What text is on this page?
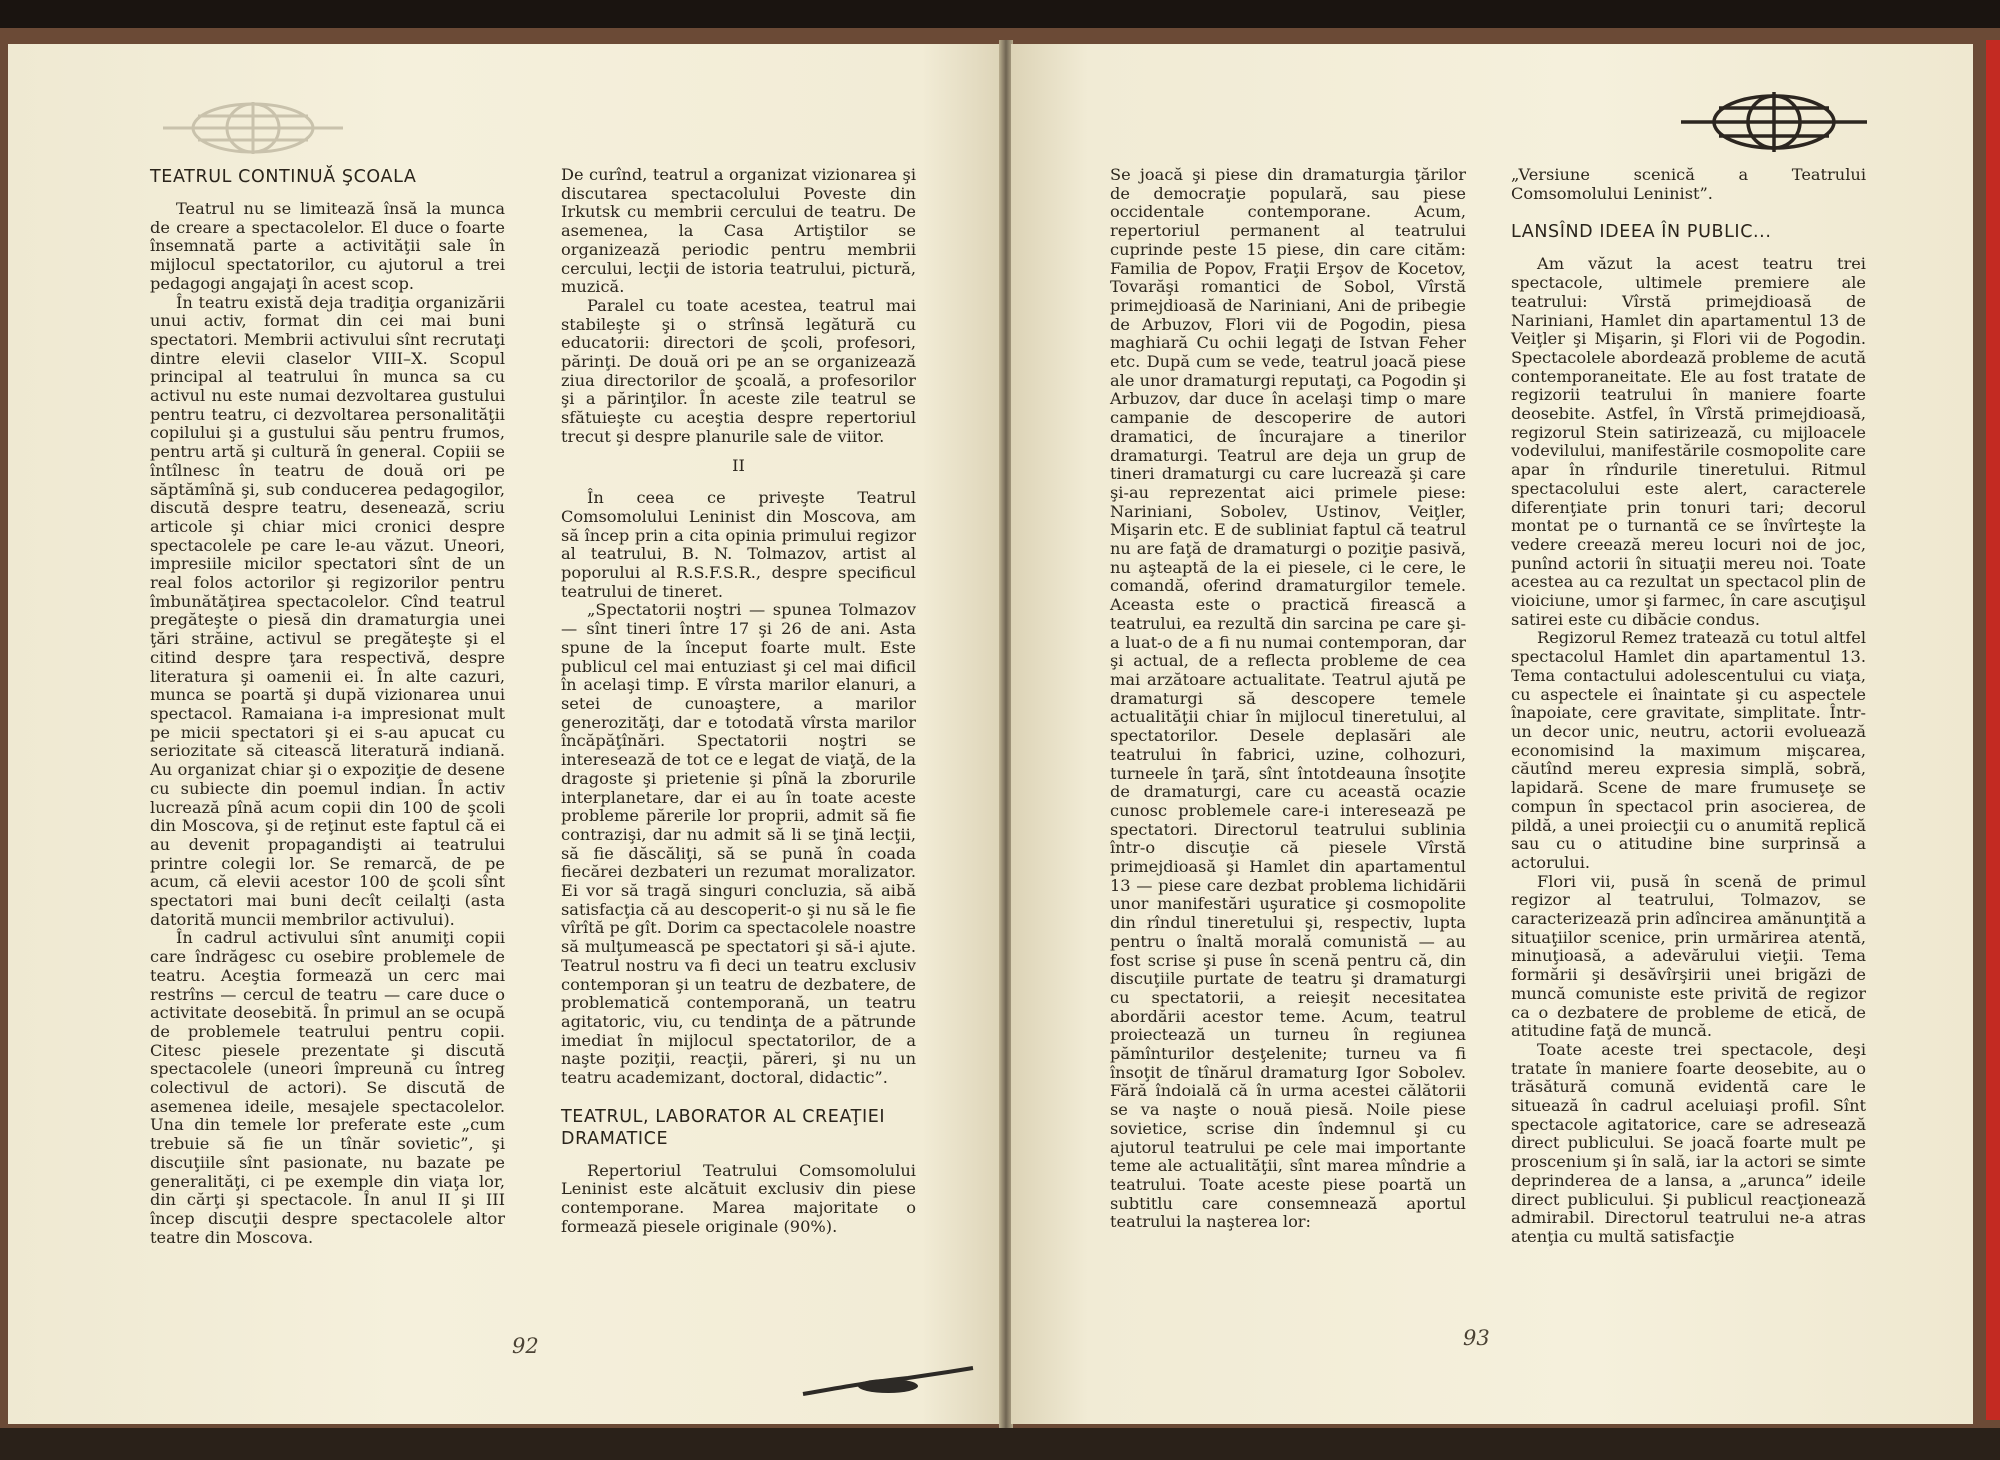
TEATRUL CONTINUĂ ŞCOALA

Teatrul nu se limitează însă la munca de creare a spectacolelor. El duce o foarte însemnată parte a activităţii sale în mijlocul spectatorilor, cu ajutorul a trei pedagogi angajaţi în acest scop.

În teatru există deja tradiţia organizării unui activ, format din cei mai buni spectatori. Membrii activului sînt recrutaţi dintre elevii claselor VIII–X. Scopul principal al teatrului în munca sa cu activul nu este numai dezvoltarea gustului pentru teatru, ci dezvoltarea personalităţii copilului şi a gustului său pentru frumos, pentru artă şi cultură în general. Copiii se întîlnesc în teatru de două ori pe săptămînă şi, sub conducerea pedagogilor, discută despre teatru, desenează, scriu articole şi chiar mici cronici despre spectacolele pe care le-au văzut. Uneori, impresiile micilor spectatori sînt de un real folos actorilor şi regizorilor pentru îmbunătăţirea spectacolelor. Cînd teatrul pregăteşte o piesă din dramaturgia unei ţări străine, activul se pregăteşte şi el citind despre ţara respectivă, despre literatura şi oamenii ei. În alte cazuri, munca se poartă şi după vizionarea unui spectacol. Ramaiana i-a impresionat mult pe micii spectatori şi ei s-au apucat cu seriozitate să citească literatură indiană. Au organizat chiar şi o expoziţie de desene cu subiecte din poemul indian. În activ lucrează pînă acum copii din 100 de şcoli din Moscova, şi de reţinut este faptul că ei au devenit propagandişti ai teatrului printre colegii lor. Se remarcă, de pe acum, că elevii acestor 100 de şcoli sînt spectatori mai buni decît ceilalţi (asta datorită muncii membrilor activului).

În cadrul activului sînt anumiţi copii care îndrăgesc cu osebire problemele de teatru. Aceştia formează un cerc mai restrîns — cercul de teatru — care duce o activitate deosebită. În primul an se ocupă de problemele teatrului pentru copii. Citesc piesele prezentate şi discută spectacolele (uneori împreună cu întreg colectivul de actori). Se discută de asemenea ideile, mesajele spectacolelor. Una din temele lor preferate este „cum trebuie să fie un tînăr sovietic”, şi discuţiile sînt pasionate, nu bazate pe generalităţi, ci pe exemple din viaţa lor, din cărţi şi spectacole. În anul II şi III încep discuţii despre spectacolele altor teatre din Moscova.

De curînd, teatrul a organizat vizionarea şi discutarea spectacolului Poveste din Irkutsk cu membrii cercului de teatru. De asemenea, la Casa Artiştilor se organizează periodic pentru membrii cercului, lecţii de istoria teatrului, pictură, muzică.

Paralel cu toate acestea, teatrul mai stabileşte şi o strînsă legătură cu educatorii: directori de şcoli, profesori, părinţi. De două ori pe an se organizează ziua directorilor de şcoală, a profesorilor şi a părinţilor. În aceste zile teatrul se sfătuieşte cu aceştia despre repertoriul trecut şi despre planurile sale de viitor.

II

În ceea ce priveşte Teatrul Comsomolului Leninist din Moscova, am să încep prin a cita opinia primului regizor al teatrului, B. N. Tolmazov, artist al poporului al R.S.F.S.R., despre specificul teatrului de tineret.

„Spectatorii noştri — spunea Tolmazov — sînt tineri între 17 şi 26 de ani. Asta spune de la început foarte mult. Este publicul cel mai entuziast şi cel mai dificil în acelaşi timp. E vîrsta marilor elanuri, a setei de cunoaştere, a marilor generozităţi, dar e totodată vîrsta marilor încăpăţînări. Spectatorii noştri se interesează de tot ce e legat de viaţă, de la dragoste şi prietenie şi pînă la zborurile interplanetare, dar ei au în toate aceste probleme părerile lor proprii, admit să fie contrazişi, dar nu admit să li se ţină lecţii, să fie dăscăliţi, să se pună în coada fiecărei dezbateri un rezumat moralizator. Ei vor să tragă singuri concluzia, să aibă satisfacţia că au descoperit-o şi nu să le fie vîrîtă pe gît. Dorim ca spectacolele noastre să mulţumească pe spectatori şi să-i ajute. Teatrul nostru va fi deci un teatru exclusiv contemporan şi un teatru de dezbatere, de problematică contemporană, un teatru agitatoric, viu, cu tendinţa de a pătrunde imediat în mijlocul spectatorilor, de a naşte poziţii, reacţii, păreri, şi nu un teatru academizant, doctoral, didactic”.

TEATRUL, LABORATOR AL CREAŢIEI DRAMATICE

Repertoriul Teatrului Comsomolului Leninist este alcătuit exclusiv din piese contemporane. Marea majoritate o formează piesele originale (90%).

92

Se joacă şi piese din dramaturgia ţărilor de democraţie populară, sau piese occidentale contemporane. Acum, repertoriul permanent al teatrului cuprinde peste 15 piese, din care cităm: Familia de Popov, Fraţii Erşov de Kocetov, Tovarăşi romantici de Sobol, Vîrstă primejdioasă de Nariniani, Ani de pribegie de Arbuzov, Flori vii de Pogodin, piesa maghiară Cu ochii legaţi de Istvan Feher etc. După cum se vede, teatrul joacă piese ale unor dramaturgi reputaţi, ca Pogodin şi Arbuzov, dar duce în acelaşi timp o mare campanie de descoperire de autori dramatici, de încurajare a tinerilor dramaturgi. Teatrul are deja un grup de tineri dramaturgi cu care lucrează şi care şi-au reprezentat aici primele piese: Nariniani, Sobolev, Ustinov, Veiţler, Mişarin etc. E de subliniat faptul că teatrul nu are faţă de dramaturgi o poziţie pasivă, nu aşteaptă de la ei piesele, ci le cere, le comandă, oferind dramaturgilor temele. Aceasta este o practică firească a teatrului, ea rezultă din sarcina pe care şi-a luat-o de a fi nu numai contemporan, dar şi actual, de a reflecta probleme de cea mai arzătoare actualitate. Teatrul ajută pe dramaturgi să descopere temele actualităţii chiar în mijlocul tineretului, al spectatorilor. Desele deplasări ale teatrului în fabrici, uzine, colhozuri, turneele în ţară, sînt întotdeauna însoţite de dramaturgi, care cu această ocazie cunosc problemele care-i interesează pe spectatori. Directorul teatrului sublinia într-o discuţie că piesele Vîrstă primejdioasă şi Hamlet din apartamentul 13 — piese care dezbat problema lichidării unor manifestări uşuratice şi cosmopolite din rîndul tineretului şi, respectiv, lupta pentru o înaltă morală comunistă — au fost scrise şi puse în scenă pentru că, din discuţiile purtate de teatru şi dramaturgi cu spectatorii, a reieşit necesitatea abordării acestor teme. Acum, teatrul proiectează un turneu în regiunea pămînturilor desţelenite; turneu va fi însoţit de tînărul dramaturg Igor Sobolev. Fără îndoială că în urma acestei călătorii se va naşte o nouă piesă. Noile piese sovietice, scrise din îndemnul şi cu ajutorul teatrului pe cele mai importante teme ale actualităţii, sînt marea mîndrie a teatrului. Toate aceste piese poartă un subtitlu care consemnează aportul teatrului la naşterea lor:

„Versiune scenică a Teatrului Comsomolului Leninist”.

LANSÎND IDEEA ÎN PUBLIC...

Am văzut la acest teatru trei spectacole, ultimele premiere ale teatrului: Vîrstă primejdioasă de Nariniani, Hamlet din apartamentul 13 de Veiţler şi Mişarin, şi Flori vii de Pogodin. Spectacolele abordează probleme de acută contemporaneitate. Ele au fost tratate de regizorii teatrului în maniere foarte deosebite. Astfel, în Vîrstă primejdioasă, regizorul Stein satirizează, cu mijloacele vodevilului, manifestările cosmopolite care apar în rîndurile tineretului. Ritmul spectacolului este alert, caracterele diferenţiate prin tonuri tari; decorul montat pe o turnantă ce se învîrteşte la vedere creează mereu locuri noi de joc, punînd actorii în situaţii mereu noi. Toate acestea au ca rezultat un spectacol plin de vioiciune, umor şi farmec, în care ascuţişul satirei este cu dibăcie condus.

Regizorul Remez tratează cu totul altfel spectacolul Hamlet din apartamentul 13. Tema contactului adolescentului cu viaţa, cu aspectele ei înaintate şi cu aspectele înapoiate, cere gravitate, simplitate. Într-un decor unic, neutru, actorii evoluează economisind la maximum mişcarea, căutînd mereu expresia simplă, sobră, lapidară. Scene de mare frumuseţe se compun în spectacol prin asocierea, de pildă, a unei proiecţii cu o anumită replică sau cu o atitudine bine surprinsă a actorului.

Flori vii, pusă în scenă de primul regizor al teatrului, Tolmazov, se caracterizează prin adîncirea amănunţită a situaţiilor scenice, prin urmărirea atentă, minuţioasă, a adevărului vieţii. Tema formării şi desăvîrşirii unei brigăzi de muncă comuniste este privită de regizor ca o dezbatere de probleme de etică, de atitudine faţă de muncă.

Toate aceste trei spectacole, deşi tratate în maniere foarte deosebite, au o trăsătură comună evidentă care le situează în cadrul aceluiaşi profil. Sînt spectacole agitatorice, care se adresează direct publicului. Se joacă foarte mult pe proscenium şi în sală, iar la actori se simte deprinderea de a lansa, a „arunca” ideile direct publicului. Şi publicul reacţionează admirabil. Directorul teatrului ne-a atras atenţia cu multă satisfacţie

93
